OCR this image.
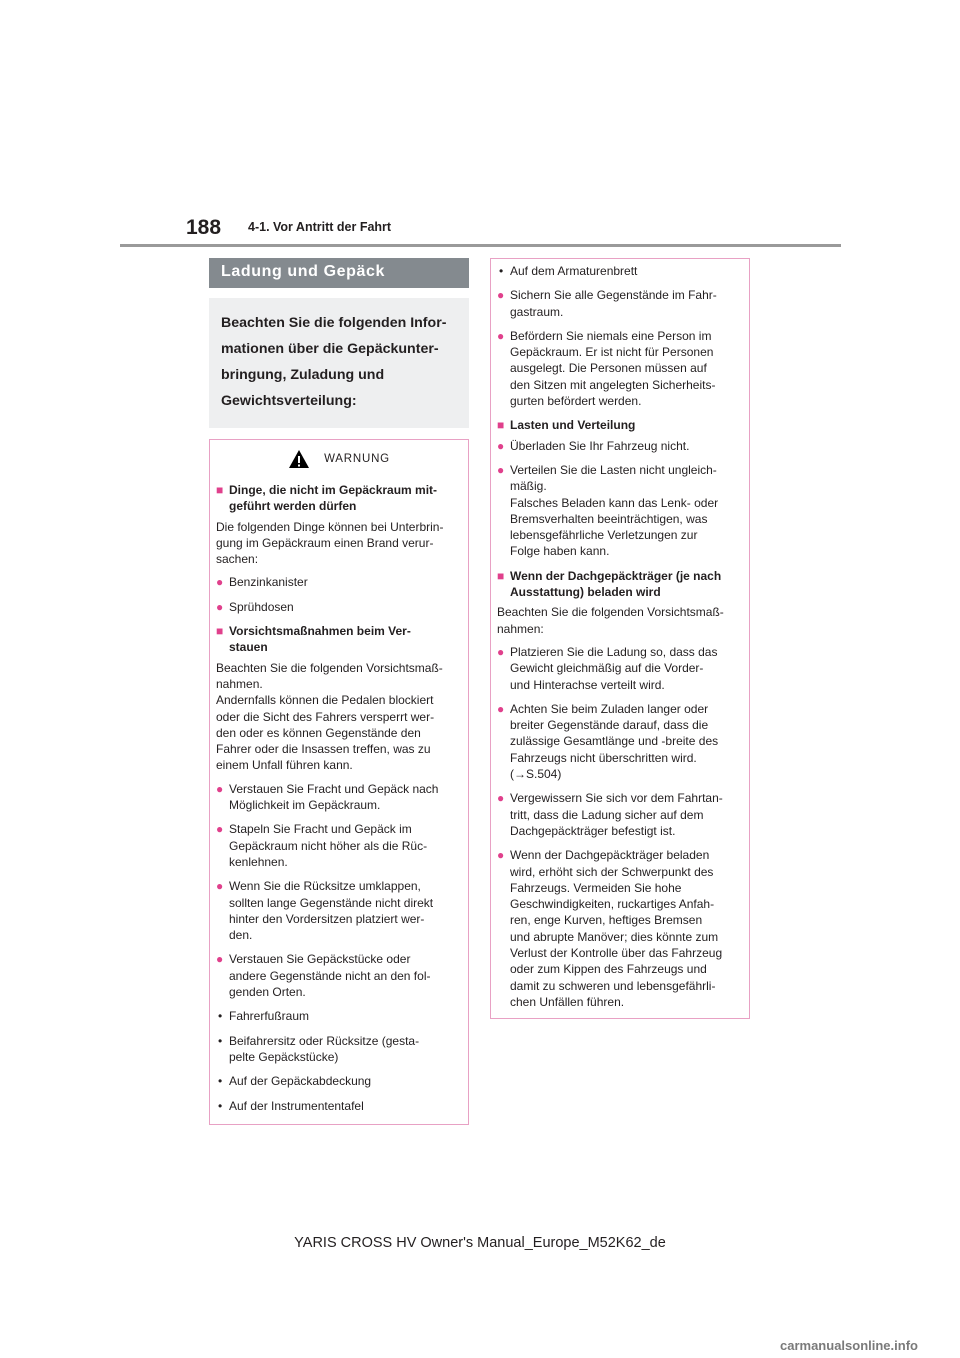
188 4-1. Vor Antritt der Fahrt
Ladung und Gepäck
Beachten Sie die folgenden Infor-
mationen über die Gepäckunter-
bringung, Zuladung und
Gewichtsverteilung:
WARNUNG
■ Dinge, die nicht im Gepäckraum mit-
geführt werden dürfen
Die folgenden Dinge können bei Unterbrin-
gung im Gepäckraum einen Brand verur-
sachen:
● Benzinkanister
● Sprühdosen
■ Vorsichtsmaßnahmen beim Ver-
stauen
Beachten Sie die folgenden Vorsichtsmaß-
nahmen.
Andernfalls können die Pedalen blockiert
oder die Sicht des Fahrers versperrt wer-
den oder es können Gegenstände den
Fahrer oder die Insassen treffen, was zu
einem Unfall führen kann.
● Verstauen Sie Fracht und Gepäck nach
Möglichkeit im Gepäckraum.
● Stapeln Sie Fracht und Gepäck im
Gepäckraum nicht höher als die Rüc-
kenlehnen.
● Wenn Sie die Rücksitze umklappen,
sollten lange Gegenstände nicht direkt
hinter den Vordersitzen platziert wer-
den.
● Verstauen Sie Gepäckstücke oder
andere Gegenstände nicht an den fol-
genden Orten.
• Fahrerfußraum
• Beifahrersitz oder Rücksitze (gesta-
pelte Gepäckstücke)
• Auf der Gepäckabdeckung
• Auf der Instrumententafel
• Auf dem Armaturenbrett
● Sichern Sie alle Gegenstände im Fahr-
gastraum.
● Befördern Sie niemals eine Person im
Gepäckraum. Er ist nicht für Personen
ausgelegt. Die Personen müssen auf
den Sitzen mit angelegten Sicherheits-
gurten befördert werden.
■ Lasten und Verteilung
● Überladen Sie Ihr Fahrzeug nicht.
● Verteilen Sie die Lasten nicht ungleich-
mäßig.
Falsches Beladen kann das Lenk- oder
Bremsverhalten beeinträchtigen, was
lebensgefährliche Verletzungen zur
Folge haben kann.
■ Wenn der Dachgepäckträger (je nach
Ausstattung) beladen wird
Beachten Sie die folgenden Vorsichtsmaß-
nahmen:
● Platzieren Sie die Ladung so, dass das
Gewicht gleichmäßig auf die Vorder-
und Hinterachse verteilt wird.
● Achten Sie beim Zuladen langer oder
breiter Gegenstände darauf, dass die
zulässige Gesamtlänge und -breite des
Fahrzeugs nicht überschritten wird.
(→S.504)
● Vergewissern Sie sich vor dem Fahrtan-
tritt, dass die Ladung sicher auf dem
Dachgepäckträger befestigt ist.
● Wenn der Dachgepäckträger beladen
wird, erhöht sich der Schwerpunkt des
Fahrzeugs. Vermeiden Sie hohe
Geschwindigkeiten, ruckartiges Anfah-
ren, enge Kurven, heftiges Bremsen
und abrupte Manöver; dies könnte zum
Verlust der Kontrolle über das Fahrzeug
oder zum Kippen des Fahrzeugs und
damit zu schweren und lebensgefährli-
chen Unfällen führen.
YARIS CROSS HV Owner's Manual_Europe_M52K62_de
carmanualsonline.info
